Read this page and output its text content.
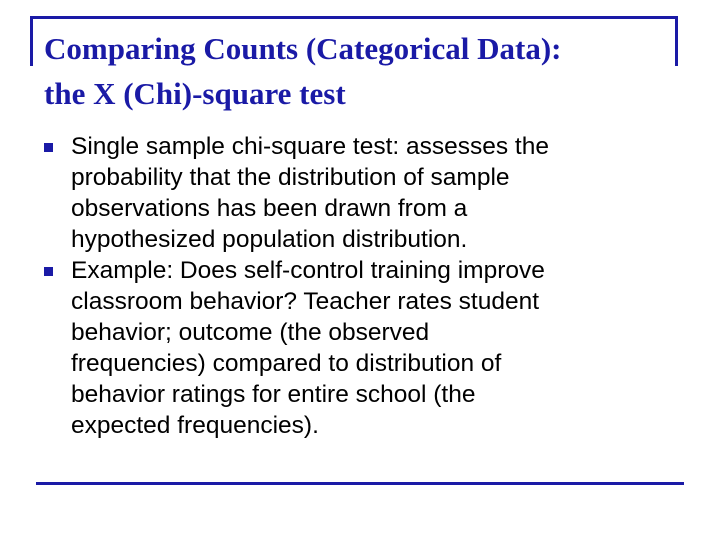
Comparing Counts (Categorical Data):
the X (Chi)-square test
Single sample chi-square test: assesses the
probability that the distribution of sample
observations has been drawn from a
hypothesized population distribution.
Example: Does self-control training improve
classroom behavior? Teacher rates student
behavior; outcome (the observed
frequencies) compared to distribution of
behavior ratings for entire school (the
expected frequencies).
